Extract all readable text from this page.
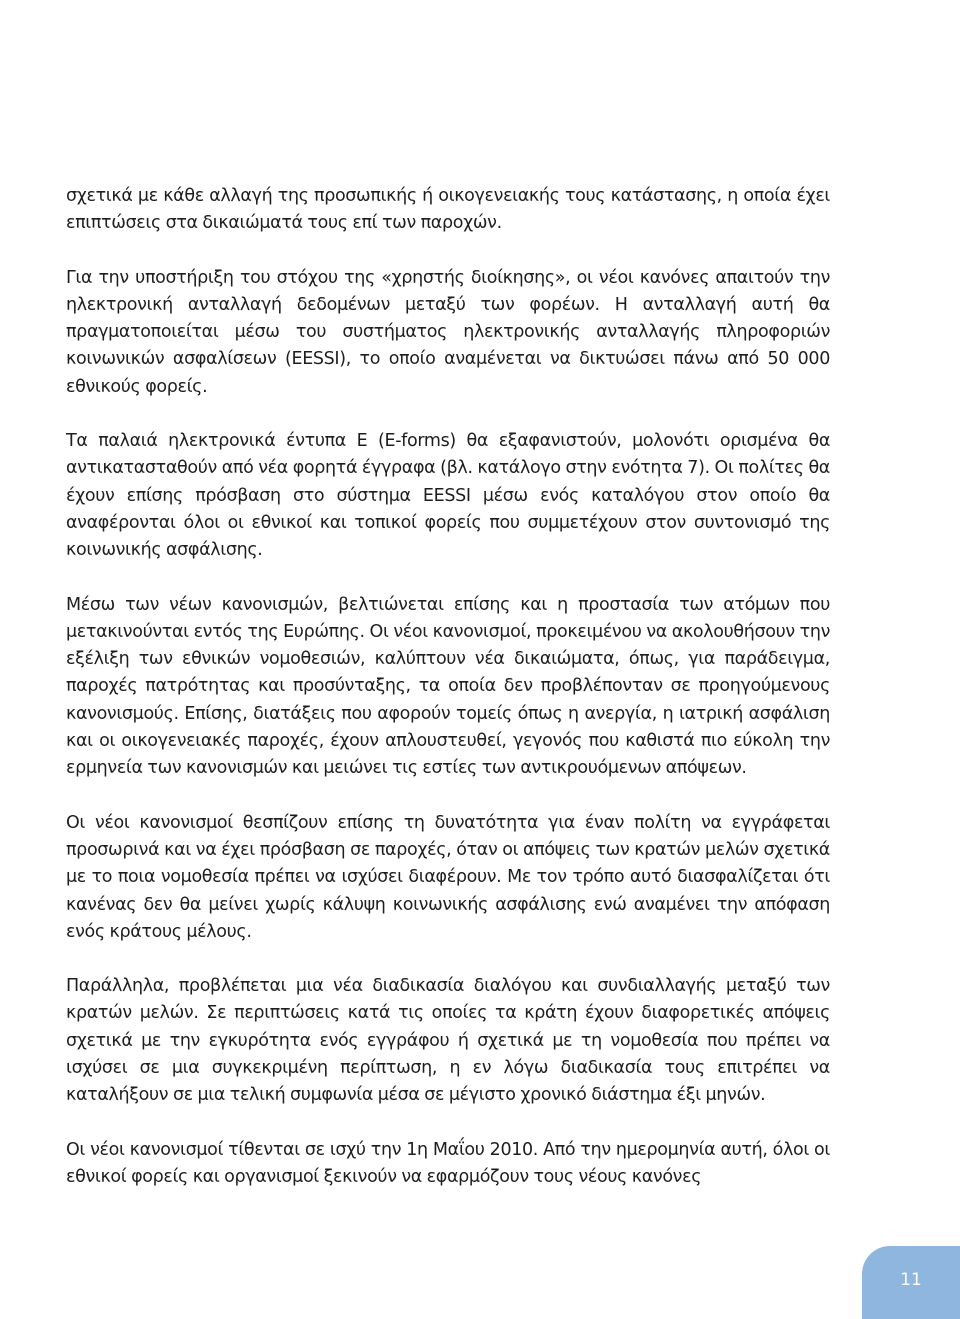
σχετικά με κάθε αλλαγή της προσωπικής ή οικογενειακής τους κατάστασης, η οποία έχει επιπτώσεις στα δικαιώματά τους επί των παροχών.

Για την υποστήριξη του στόχου της «χρηστής διοίκησης», οι νέοι κανόνες απαιτούν την ηλεκτρονική ανταλλαγή δεδομένων μεταξύ των φορέων. Η ανταλλαγή αυτή θα πραγματοποιείται μέσω του συστήματος ηλεκτρονικής ανταλλαγής πληροφοριών κοινωνικών ασφαλίσεων (EESSI), το οποίο αναμένεται να δικτυώσει πάνω από 50 000 εθνικούς φορείς.

Τα παλαιά ηλεκτρονικά έντυπα Ε (E-forms) θα εξαφανιστούν, μολονότι ορισμένα θα αντικατασταθούν από νέα φορητά έγγραφα (βλ. κατάλογο στην ενότητα 7). Οι πολίτες θα έχουν επίσης πρόσβαση στο σύστημα EESSI μέσω ενός καταλόγου στον οποίο θα αναφέρονται όλοι οι εθνικοί και τοπικοί φορείς που συμμετέχουν στον συντονισμό της κοινωνικής ασφάλισης.

Μέσω των νέων κανονισμών, βελτιώνεται επίσης και η προστασία των ατόμων που μετακινούνται εντός της Ευρώπης. Οι νέοι κανονισμοί, προκειμένου να ακολουθήσουν την εξέλιξη των εθνικών νομοθεσιών, καλύπτουν νέα δικαιώματα, όπως, για παράδειγμα, παροχές πατρότητας και προσύνταξης, τα οποία δεν προβλέπονταν σε προηγούμενους κανονισμούς. Επίσης, διατάξεις που αφορούν τομείς όπως η ανεργία, η ιατρική ασφάλιση και οι οικογενειακές παροχές, έχουν απλουστευθεί, γεγονός που καθιστά πιο εύκολη την ερμηνεία των κανονισμών και μειώνει τις εστίες των αντικρουόμενων απόψεων.

Οι νέοι κανονισμοί θεσπίζουν επίσης τη δυνατότητα για έναν πολίτη να εγγράφεται προσωρινά και να έχει πρόσβαση σε παροχές, όταν οι απόψεις των κρατών μελών σχετικά με το ποια νομοθεσία πρέπει να ισχύσει διαφέρουν. Με τον τρόπο αυτό διασφαλίζεται ότι κανένας δεν θα μείνει χωρίς κάλυψη κοινωνικής ασφάλισης ενώ αναμένει την απόφαση ενός κράτους μέλους.

Παράλληλα, προβλέπεται μια νέα διαδικασία διαλόγου και συνδιαλλαγής μεταξύ των κρατών μελών. Σε περιπτώσεις κατά τις οποίες τα κράτη έχουν διαφορετικές απόψεις σχετικά με την εγκυρότητα ενός εγγράφου ή σχετικά με τη νομοθεσία που πρέπει να ισχύσει σε μια συγκεκριμένη περίπτωση, η εν λόγω διαδικασία τους επιτρέπει να καταλήξουν σε μια τελική συμφωνία μέσα σε μέγιστο χρονικό διάστημα έξι μηνών.

Οι νέοι κανονισμοί τίθενται σε ισχύ την 1η Μαΐου 2010. Από την ημερομηνία αυτή, όλοι οι εθνικοί φορείς και οργανισμοί ξεκινούν να εφαρμόζουν τους νέους κανόνες

11
